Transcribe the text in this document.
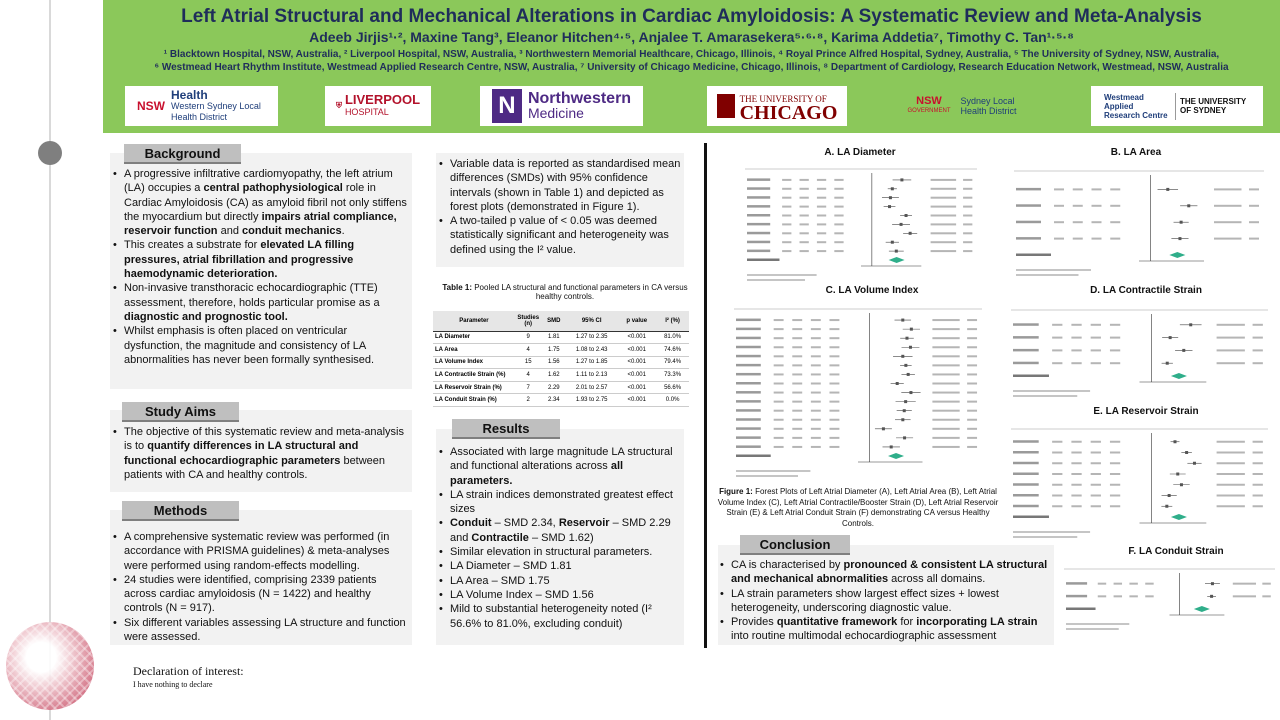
Left Atrial Structural and Mechanical Alterations in Cardiac Amyloidosis: A Systematic Review and Meta-Analysis
Adeeb Jirjis¹·², Maxine Tang³, Eleanor Hitchen⁴·⁵, Anjalee T. Amarasekera⁵·⁶·⁸, Karima Addetia⁷, Timothy C. Tan¹·⁵·⁸
¹ Blacktown Hospital, NSW, Australia, ² Liverpool Hospital, NSW, Australia, ³ Northwestern Memorial Healthcare, Chicago, Illinois, ⁴ Royal Prince Alfred Hospital, Sydney, Australia, ⁵ The University of Sydney, NSW, Australia,
⁶ Westmead Heart Rhythm Institute, Westmead Applied Research Centre, NSW, Australia, ⁷ University of Chicago Medicine, Chicago, Illinois, ⁸ Department of Cardiology, Research Education Network, Westmead, NSW, Australia
NSW
Health
Western Sydney Local Health District
⛨ LIVERPOOL
HOSPITAL	N Northwestern
Medicine
THE UNIVERSITY OF
CHICAGO
NSW
GOVERNMENT
Sydney Local Health District
Westmead Applied Research Centre
THE UNIVERSITY OF SYDNEY
Background
• A progressive infiltrative cardiomyopathy, the left atrium (LA) occupies a central pathophysiological role in Cardiac Amyloidosis (CA) as amyloid fibril not only stiffens the myocardium but directly impairs atrial compliance, reservoir function and conduit mechanics.
• This creates a substrate for elevated LA filling pressures, atrial fibrillation and progressive haemodynamic deterioration.
• Non-invasive transthoracic echocardiographic (TTE) assessment, therefore, holds particular promise as a diagnostic and prognostic tool.
• Whilst emphasis is often placed on ventricular dysfunction, the magnitude and consistency of LA abnormalities has never been formally synthesised.
Study Aims
• The objective of this systematic review and meta-analysis is to quantify differences in LA structural and functional echocardiographic parameters between patients with CA and healthy controls.
Methods
• A comprehensive systematic review was performed (in accordance with PRISMA guidelines) & meta-analyses were performed using random-effects modelling.
• 24 studies were identified, comprising 2339 patients across cardiac amyloidosis (N = 1422) and healthy controls (N = 917).
• Six different variables assessing LA structure and function were assessed.
Declaration of interest:
I have nothing to declare
• Variable data is reported as standardised mean differences (SMDs) with 95% confidence intervals (shown in Table 1) and depicted as forest plots (demonstrated in Figure 1).
• A two-tailed p value of < 0.05 was deemed statistically significant and heterogeneity was defined using the I² value.
Table 1: Pooled LA structural and functional parameters in CA versus healthy controls.
Parameter	Studies (n)	SMD	95% CI	p value	I² (%)
LA Diameter	9	1.81	1.27 to 2.35	<0.001	81.0%
LA Area	4	1.75	1.08 to 2.43	<0.001	74.6%
LA Volume Index	15	1.56	1.27 to 1.85	<0.001	79.4%
LA Contractile Strain (%)	4	1.62	1.11 to 2.13	<0.001	73.3%
LA Reservoir Strain (%)	7	2.29	2.01 to 2.57	<0.001	56.6%
LA Conduit Strain (%)	2	2.34	1.93 to 2.75	<0.001	0.0%
Results
• Associated with large magnitude LA structural and functional alterations across all parameters.
• LA strain indices demonstrated greatest effect sizes
• Conduit – SMD 2.34, Reservoir – SMD 2.29 and Contractile – SMD 1.62)
• Similar elevation in structural parameters.
• LA Diameter – SMD 1.81
• LA Area – SMD 1.75
• LA Volume Index – SMD 1.56
• Mild to substantial heterogeneity noted (I² 56.6% to 81.0%, excluding conduit)
A. LA Diameter	B. LA Area
C. LA Volume Index	D. LA Contractile Strain
E. LA Reservoir Strain
Figure 1: Forest Plots of Left Atrial Diameter (A), Left Atrial Area (B), Left Atrial Volume Index (C), Left Atrial Contractile/Booster Strain (D), Left Atrial Reservoir Strain (E) & Left Atrial Conduit Strain (F) demonstrating CA versus Healthy Controls.
Conclusion
• CA is characterised by pronounced & consistent LA structural and mechanical abnormalities across all domains.
• LA strain parameters show largest effect sizes + lowest heterogeneity, underscoring diagnostic value.
• Provides quantitative framework for incorporating LA strain into routine multimodal echocardiographic assessment
F. LA Conduit Strain
